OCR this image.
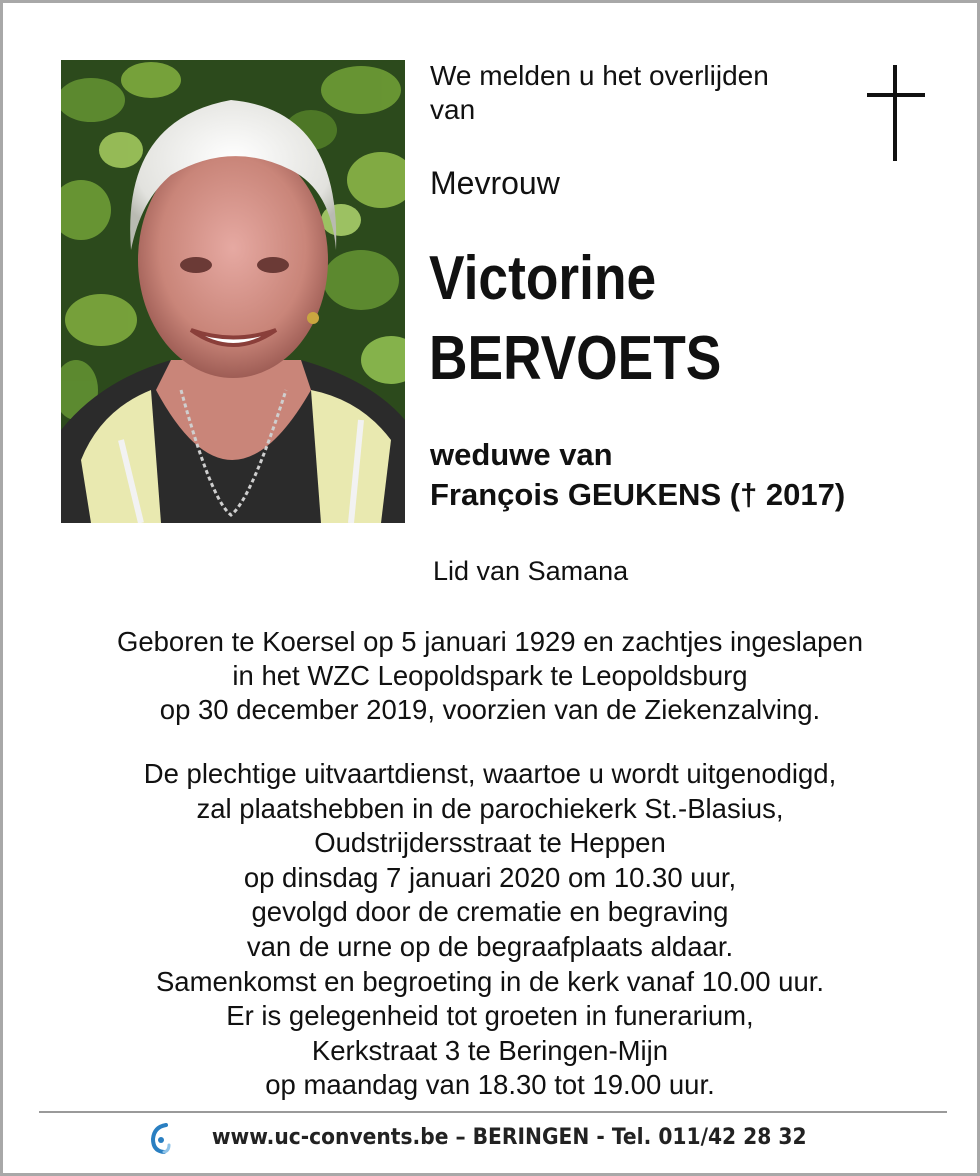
We melden u het overlijden
van
Mevrouw
Victorine
BERVOETS
weduwe van
François GEUKENS († 2017)
Lid van Samana
Geboren te Koersel op 5 januari 1929 en zachtjes ingeslapen
in het WZC Leopoldspark te Leopoldsburg
op 30 december 2019, voorzien van de Ziekenzalving.
De plechtige uitvaartdienst, waartoe u wordt uitgenodigd,
zal plaatshebben in de parochiekerk St.-Blasius,
Oudstrijdersstraat te Heppen
op dinsdag 7 januari 2020 om 10.30 uur,
gevolgd door de crematie en begraving
van de urne op de begraafplaats aldaar.
Samenkomst en begroeting in de kerk vanaf 10.00 uur.
Er is gelegenheid tot groeten in funerarium,
Kerkstraat 3 te Beringen-Mijn
op maandag van 18.30 tot 19.00 uur.
www.uc-convents.be – BERINGEN - Tel. 011/42 28 32
